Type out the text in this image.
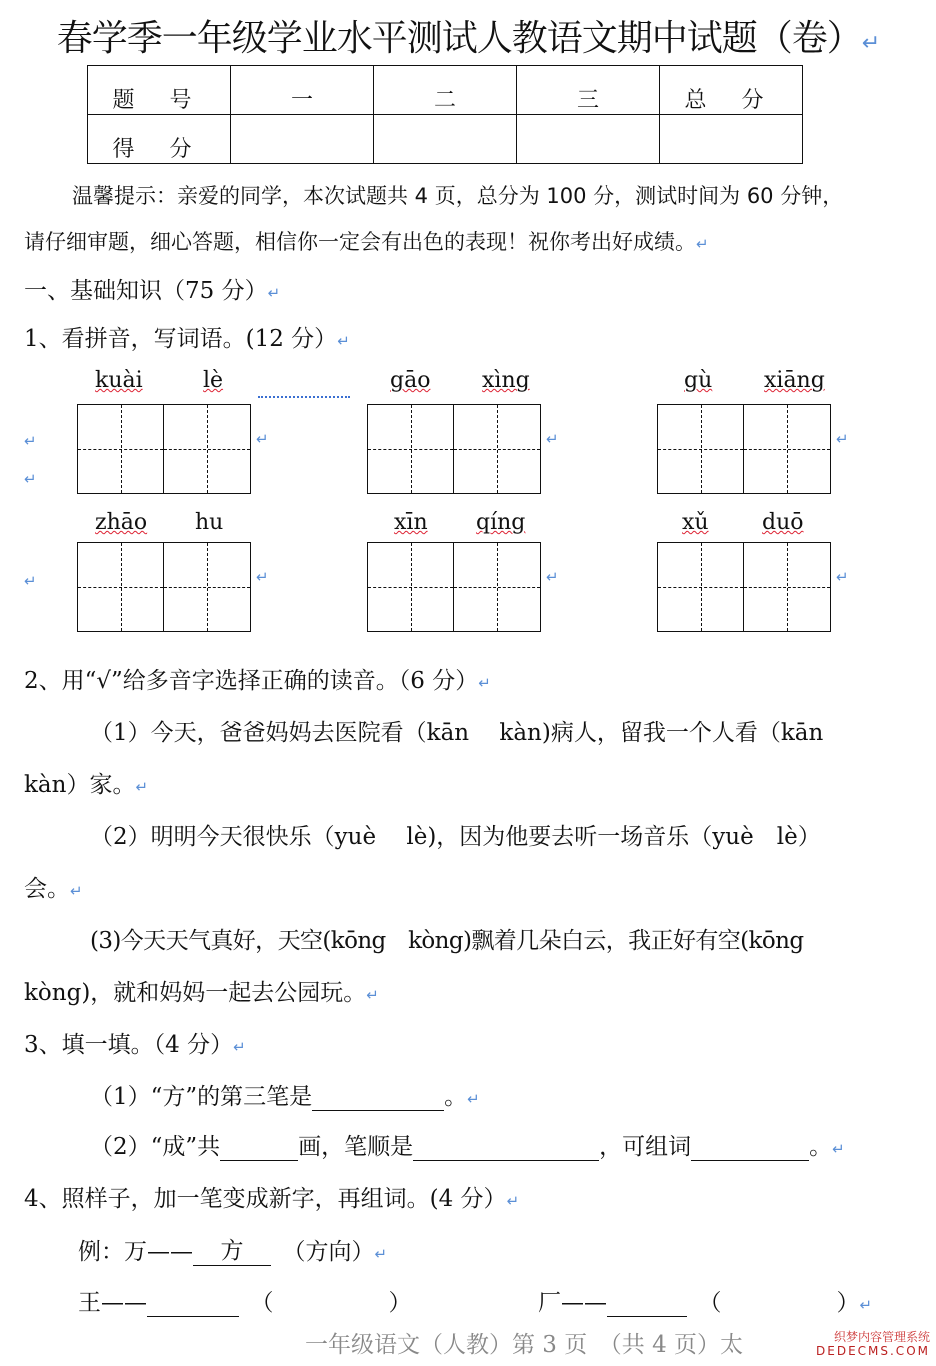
春学季一年级学业水平测试人教语文期中试题（卷）↵
题 号	一	二	三	总 分
得 分				
温馨提示：亲爱的同学，本次试题共 4 页，总分为 100 分，测试时间为 60 分钟，
请仔细审题，细心答题，相信你一定会有出色的表现！祝你考出好成绩。↵
一、基础知识（75 分）↵
1、看拼音，写词语。(12 分）↵
kuài	lè	gāo xìng	gù xiāng
zhāo hu	xīn qíng	xǔ duō
↵
↵
↵
↵	↵	↵
↵	↵	↵
2、用“√”给多音字选择正确的读音。（6 分）↵
（1）今天，爸爸妈妈去医院看（kān　 kàn)病人，留我一个人看（kān
kàn）家。↵
（2）明明今天很快乐（yuè　 lè)，因为他要去听一场音乐（yuè　lè）
会。↵
(3)今天天气真好，天空(kōng　kòng)飘着几朵白云，我正好有空(kōng
kòng)，就和妈妈一起去公园玩。↵
3、填一填。（4 分）↵
（1）“方”的第三笔是	。↵
（2）“成”共	画，笔顺是	，可组词	。↵
4、照样子，加一笔变成新字，再组词。(4 分）↵
例：万—— 方　 （方向）↵
王——　	（　　　　　）	厂——　	（　　　　　）↵
一年级语文（人教）第 3 页　（共 4 页）太	织梦内容管理系统
DEDECMS.COM
